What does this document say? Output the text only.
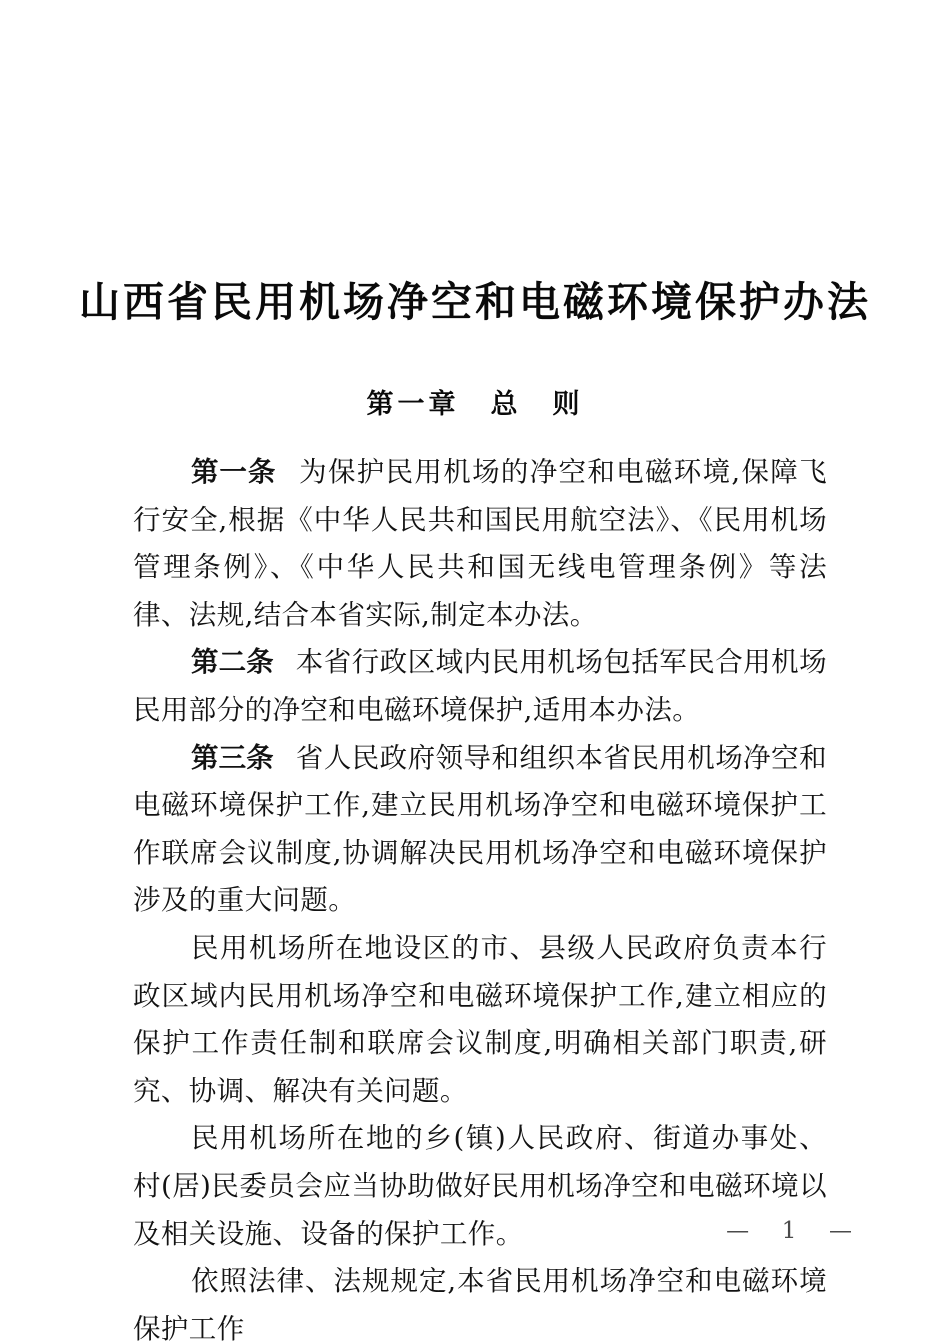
山西省民用机场净空和电磁环境保护办法
第一章　总　则

第一条 为保护民用机场的净空和电磁环境,保障飞行安全,根据《中华人民共和国民用航空法》、《民用机场管理条例》、《中华人民共和国无线电管理条例》等法律、法规,结合本省实际,制定本办法。

第二条 本省行政区域内民用机场包括军民合用机场民用部分的净空和电磁环境保护,适用本办法。

第三条 省人民政府领导和组织本省民用机场净空和电磁环境保护工作,建立民用机场净空和电磁环境保护工作联席会议制度,协调解决民用机场净空和电磁环境保护涉及的重大问题。

民用机场所在地设区的市、县级人民政府负责本行政区域内民用机场净空和电磁环境保护工作,建立相应的保护工作责任制和联席会议制度,明确相关部门职责,研究、协调、解决有关问题。

民用机场所在地的乡(镇)人民政府、街道办事处、村(居)民委员会应当协助做好民用机场净空和电磁环境以及相关设施、设备的保护工作。

依照法律、法规规定,本省民用机场净空和电磁环境保护工作

—  1  —
